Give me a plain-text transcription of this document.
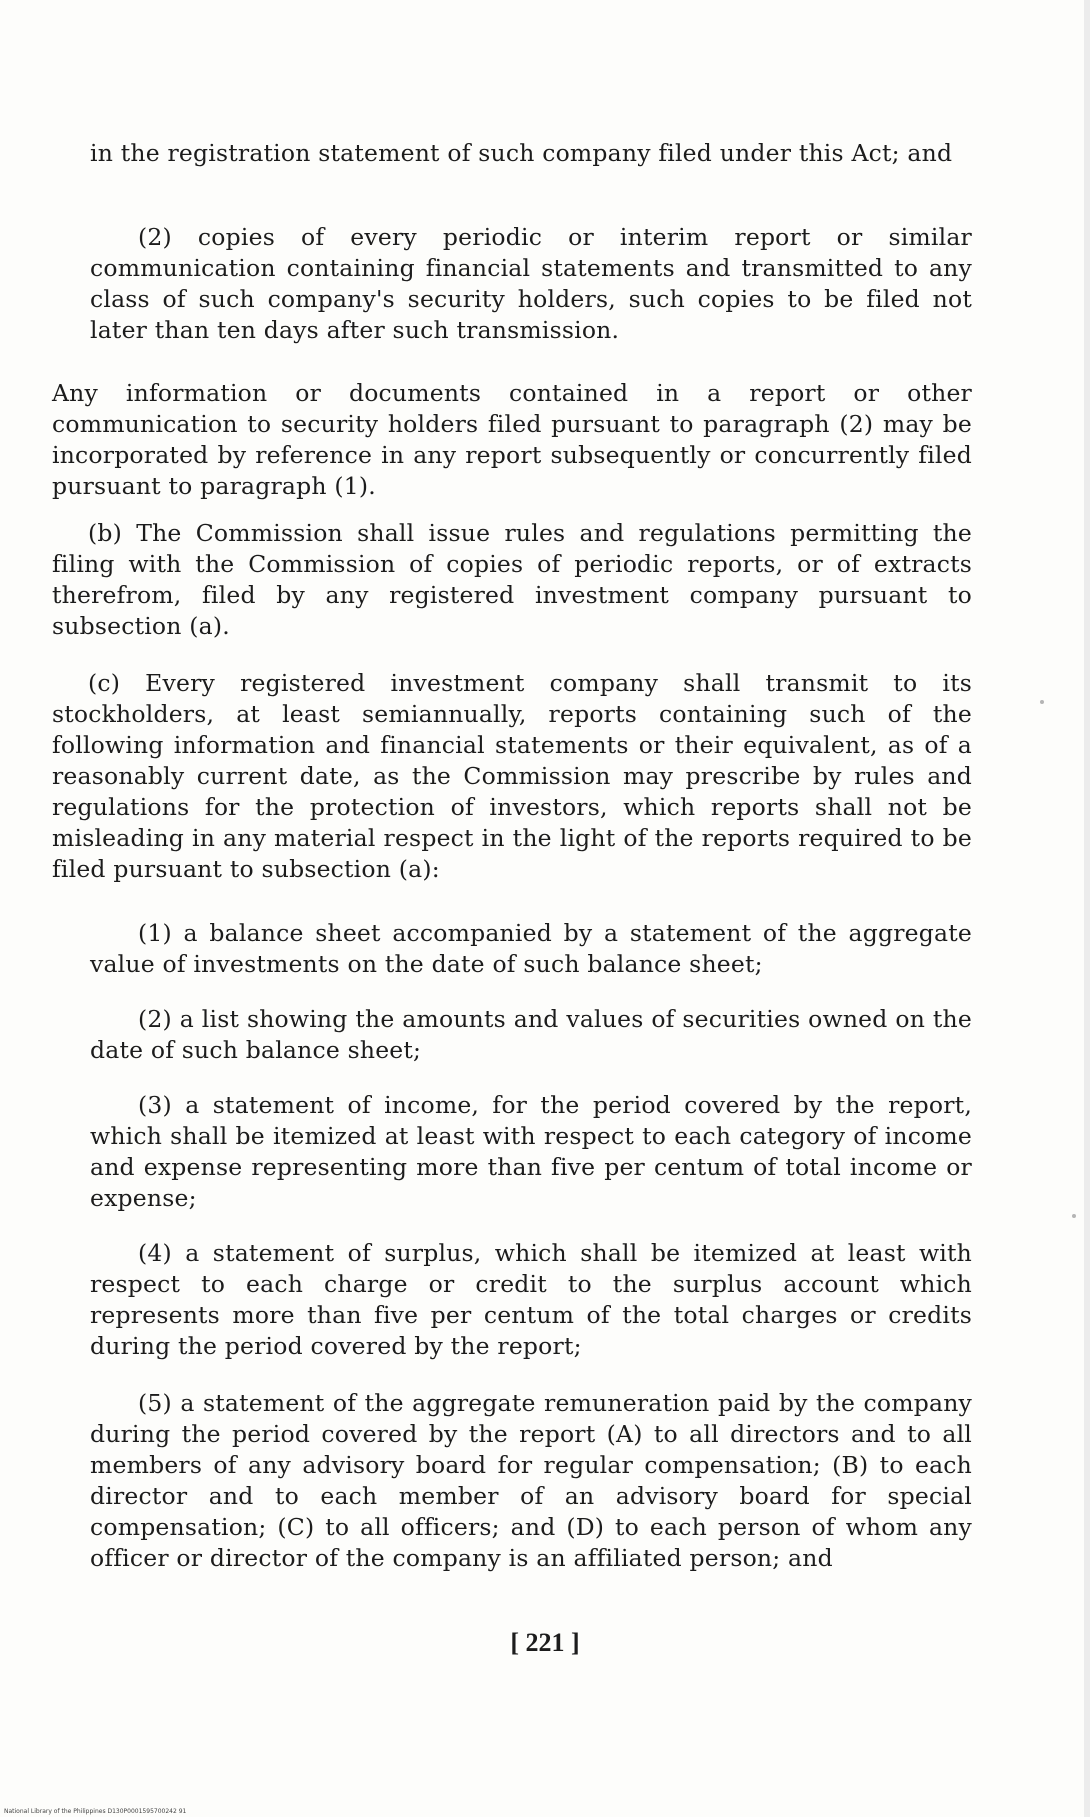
in the registration statement of such company filed under this Act; and

(2) copies of every periodic or interim report or similar communication containing financial statements and transmitted to any class of such company's security holders, such copies to be filed not later than ten days after such transmission.

Any information or documents contained in a report or other communication to security holders filed pursuant to paragraph (2) may be incorporated by reference in any report subsequently or concurrently filed pursuant to paragraph (1).

(b) The Commission shall issue rules and regulations permitting the filing with the Commission of copies of periodic reports, or of extracts therefrom, filed by any registered investment company pursuant to subsection (a).

(c) Every registered investment company shall transmit to its stockholders, at least semiannually, reports containing such of the following information and financial statements or their equivalent, as of a reasonably current date, as the Commission may prescribe by rules and regulations for the protection of investors, which reports shall not be misleading in any material respect in the light of the reports required to be filed pursuant to subsection (a):

(1) a balance sheet accompanied by a statement of the aggregate value of investments on the date of such balance sheet;

(2) a list showing the amounts and values of securities owned on the date of such balance sheet;

(3) a statement of income, for the period covered by the report, which shall be itemized at least with respect to each category of income and expense representing more than five per centum of total income or expense;

(4) a statement of surplus, which shall be itemized at least with respect to each charge or credit to the surplus account which represents more than five per centum of the total charges or credits during the period covered by the report;

(5) a statement of the aggregate remuneration paid by the company during the period covered by the report (A) to all directors and to all members of any advisory board for regular compensation; (B) to each director and to each member of an advisory board for special compensation; (C) to all officers; and (D) to each person of whom any officer or director of the company is an affiliated person; and

[ 221 ]
National Library of the Philippines D130P0001595700242 91
